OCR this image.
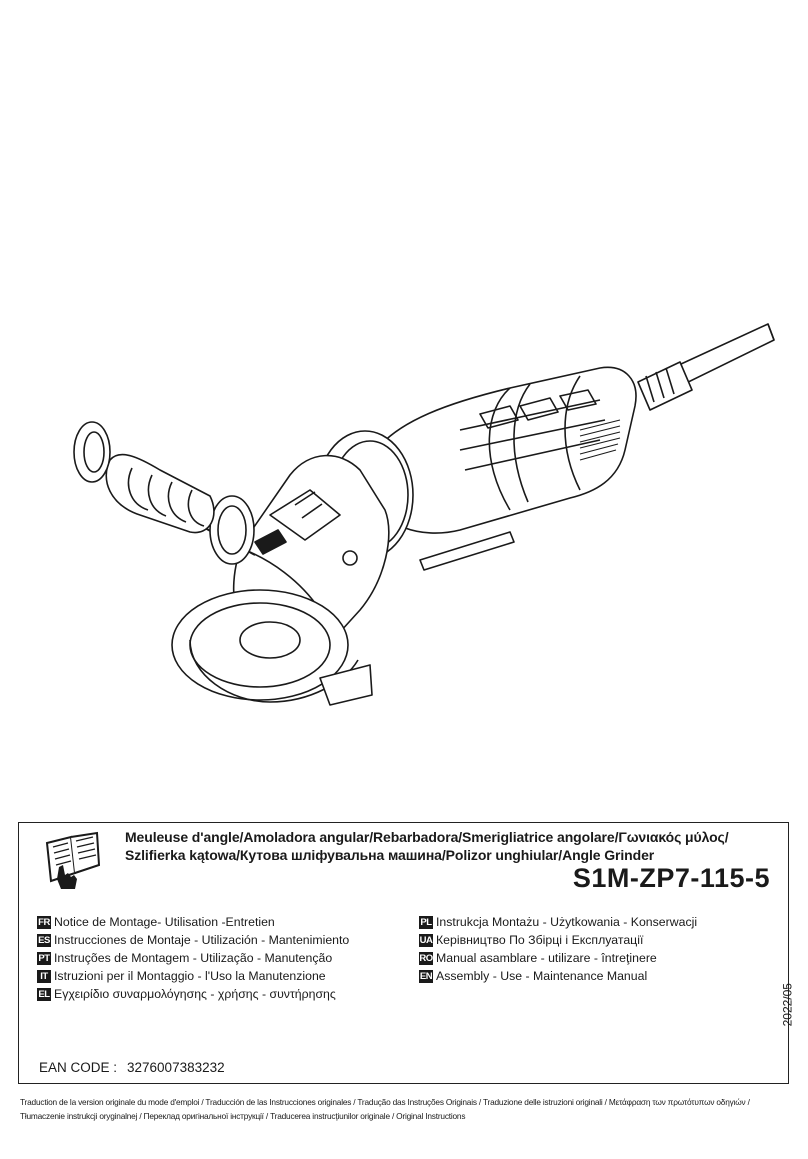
Meuleuse d'angle/Amoladora angular/Rebarbadora/Smerigliatrice angolare/Γωνιακός μύλος/
Szlifierka kątowa/Кутова шліфувальна машина/Polizor unghiular/Angle Grinder
S1M-ZP7-115-5
FR Notice de Montage- Utilisation -Entretien
ES Instrucciones de Montaje - Utilización - Mantenimiento
PT Instruções de Montagem - Utilização - Manutenção
IT Istruzioni per il Montaggio - l'Uso la Manutenzione
EL Εγχειρίδιο συναρμολόγησης - χρήσης - συντήρησης
PL Instrukcja Montażu - Użytkowania - Konserwacji
UA Керівництво По Збірці і Експлуатації
RO Manual asamblare - utilizare - întreţinere
EN Assembly - Use - Maintenance Manual
2022/05
EAN CODE : 3276007383232
Traduction de la version originale du mode d'emploi / Traducción de las Instrucciones originales / Tradução das Instruções Originais / Traduzione delle istruzioni originali / Μετάφραση των πρωτότυπων οδηγιών / Tłumaczenie instrukcji oryginalnej / Переклад оригінальної інструкції / Traducerea instrucţiunilor originale / Original Instructions
